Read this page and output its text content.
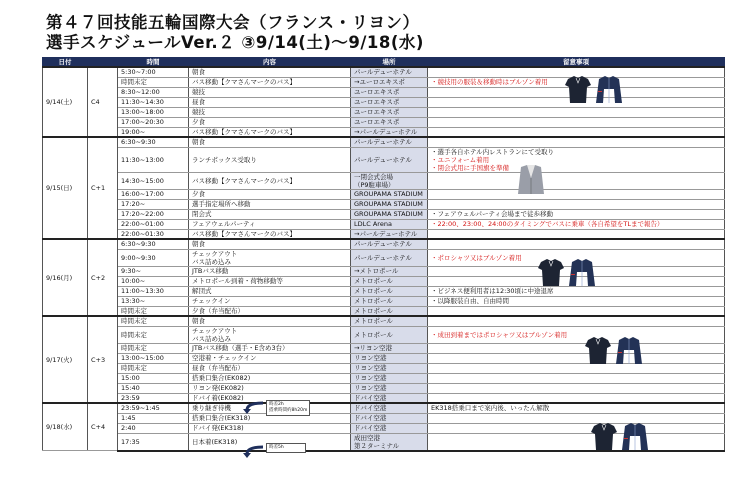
第４７回技能五輪国際大会（フランス・リヨン）
選手スケジュールVer.２ ③9/14(土)〜9/18(水)
日付		時間	内容	場所	留意事項
9/14(土)	C4	5:30~7:00	朝食	パールデューホテル	

		時間未定	バス移動【クマさんマークのバス】	→ユーロエキスポ	・競技用の服装＆移動時はブルゾン着用
		8:30~12:00	競技	ユーロエキスポ	

		11:30~14:30	昼食	ユーロエキスポ	

		13:00~18:00	競技	ユーロエキスポ	

		17:00~20:30	夕食	ユーロエキスポ	

		19:00~	バス移動【クマさんマークのバス】	→パールデューホテル	

9/15(日)	C+1	6:30~9:30	朝食	パールデューホテル	

		11:30~13:00	ランチボックス受取り	パールデューホテル	・選手各自ホテル内レストランにて受取り
・ユニフォーム着用
・閉会式用に手国旗を準備

		14:30~15:00	バス移動【クマさんマークのバス】	一閉会式会場
（P9駐車場）	

		16:00~17:00	夕食	GROUPAMA STADIUM	

		17:20~	選手指定場所へ移動	GROUPAMA STADIUM	

		17:20~22:00	閉会式	GROUPAMA STADIUM	・フェアウェルパーティ会場まで徒歩移動
		22:00~01:00	フェアウェルパーティ	LDLC Arena	・22:00、23:00、24:00のタイミングでバスに乗車（各自希望をTLまで報告）
		22:00~01:30	バス移動【クマさんマークのバス】	→パールデューホテル	

9/16(月)	C+2	6:30~9:30	朝食	パールデューホテル	

		9:00~9:30	チェックアウト
バス詰め込み	パールデューホテル	・ポロシャツ又はブルゾン着用
		9:30~	JTBバス移動	→メトロポール	

		10:00~	メトロポール到着・荷物移動等	メトロポール	

		11:00~13:30	解団式	メトロポール	・ビジネス便利用者は12:30頃に中途退席
		13:30~	チェックイン	メトロポール	・以降服装自由、自由時間
		時間未定	夕食（弁当配布）	メトロポール	

9/17(火)	C+3	時間未定	朝食	メトロポール	

		時間未定	チェックアウト
バス詰め込み	メトロポール	・成田到着まではポロシャツ又はブルゾン着用
		時間未定	JTBバス移動（選手・E含め3台）	→リヨン空港	

		13:00~15:00	空港着・チェックイン	リヨン空港	

		時間未定	昼食（弁当配布）	リヨン空港	

		15:00	搭乗口集合(EK082)	リヨン空港	

		15:40	リヨン発(EK082)	リヨン空港	

		23:59	ドバイ着(EK082)	ドバイ空港	

9/18(水)	C+4	23:59~1:45	乗り継ぎ待機	ドバイ空港	EK318搭乗口まで案内後、いったん解散
		1:45	搭乗口集合(EK318)	ドバイ空港	

		2:40	ドバイ発(EK318)	ドバイ空港	

		17:35	日本着(EK318)	成田空港
第２ターミナル	

時差2h
搭乗時間約8h20m
時差5h
